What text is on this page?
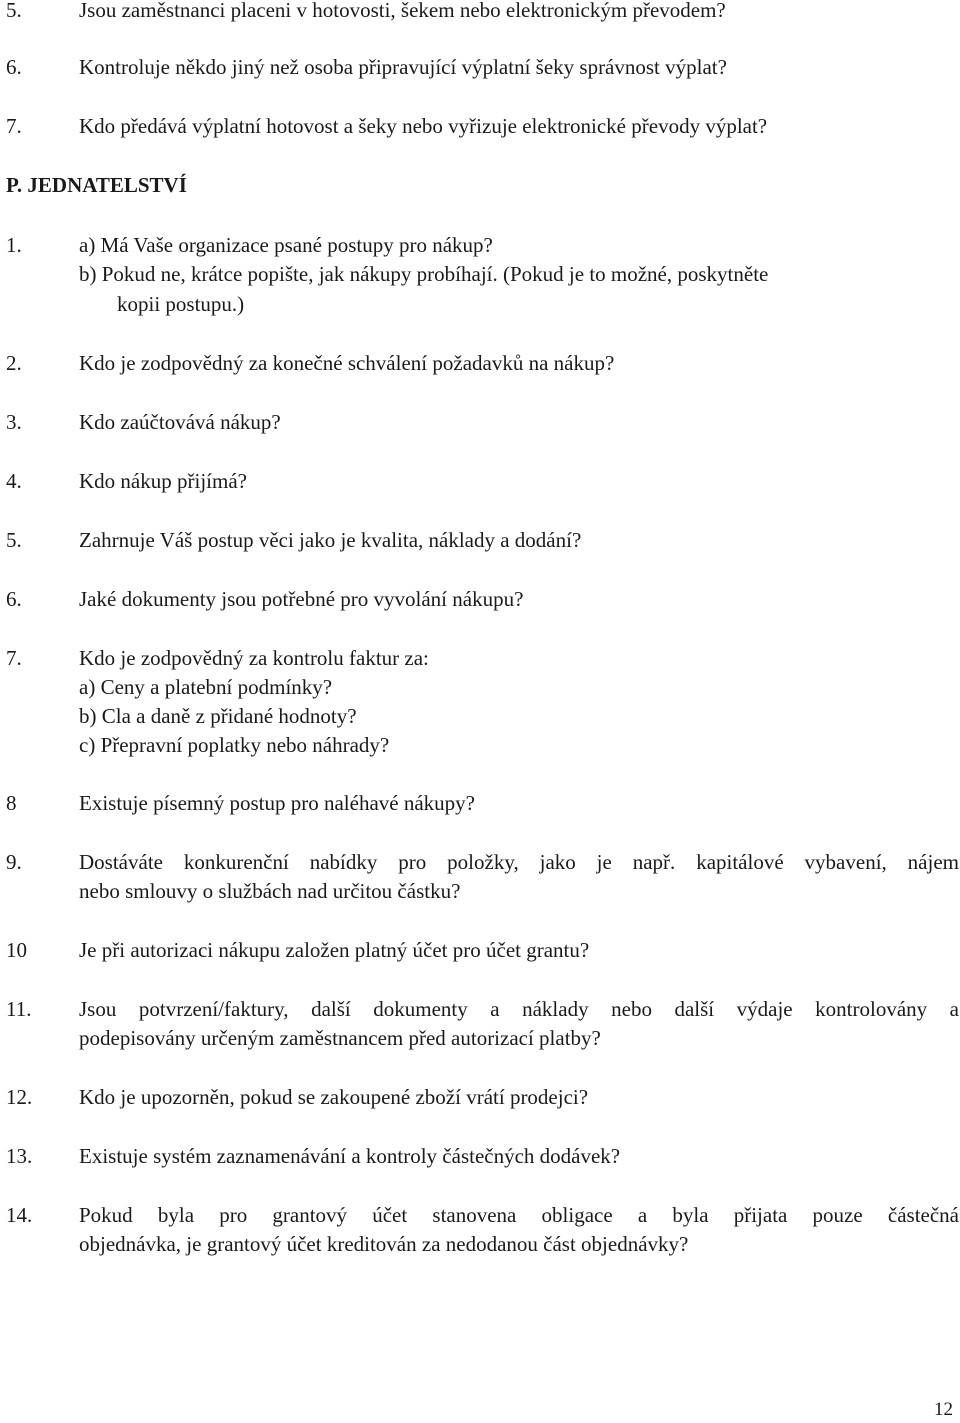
5.	Jsou zaměstnanci placeni v hotovosti, šekem nebo elektronickým převodem?
6.	Kontroluje někdo jiný než osoba připravující výplatní šeky správnost výplat?
7.	Kdo předává výplatní hotovost a šeky nebo vyřizuje elektronické převody výplat?
P. JEDNATELSTVÍ
1.	a) Má Vaše organizace psané postupy pro nákup?
b) Pokud ne, krátce popište, jak nákupy probíhají. (Pokud je to možné, poskytněte
kopii postupu.)
2.	Kdo je zodpovědný za konečné schválení požadavků na nákup?
3.	Kdo zaúčtovává nákup?
4.	Kdo nákup přijímá?
5.	Zahrnuje Váš postup věci jako je kvalita, náklady a dodání?
6.	Jaké dokumenty jsou potřebné pro vyvolání nákupu?
7.	Kdo je zodpovědný za kontrolu faktur za:
a) Ceny a platební podmínky?
b) Cla a daně z přidané hodnoty?
c) Přepravní poplatky nebo náhrady?
8	Existuje písemný postup pro naléhavé nákupy?
9.	Dostáváte konkurenční nabídky pro položky, jako je např. kapitálové vybavení, nájem
nebo smlouvy o službách nad určitou částku?
10 Je při autorizaci nákupu založen platný účet pro účet grantu?
11. Jsou potvrzení/faktury, další dokumenty a náklady nebo další výdaje kontrolovány a
podepisovány určeným zaměstnancem před autorizací platby?
12. Kdo je upozorněn, pokud se zakoupené zboží vrátí prodejci?
13. Existuje systém zaznamenávání a kontroly částečných dodávek?
14. Pokud byla pro grantový účet stanovena obligace a byla přijata pouze částečná
objednávka, je grantový účet kreditován za nedodanou část objednávky?
12
